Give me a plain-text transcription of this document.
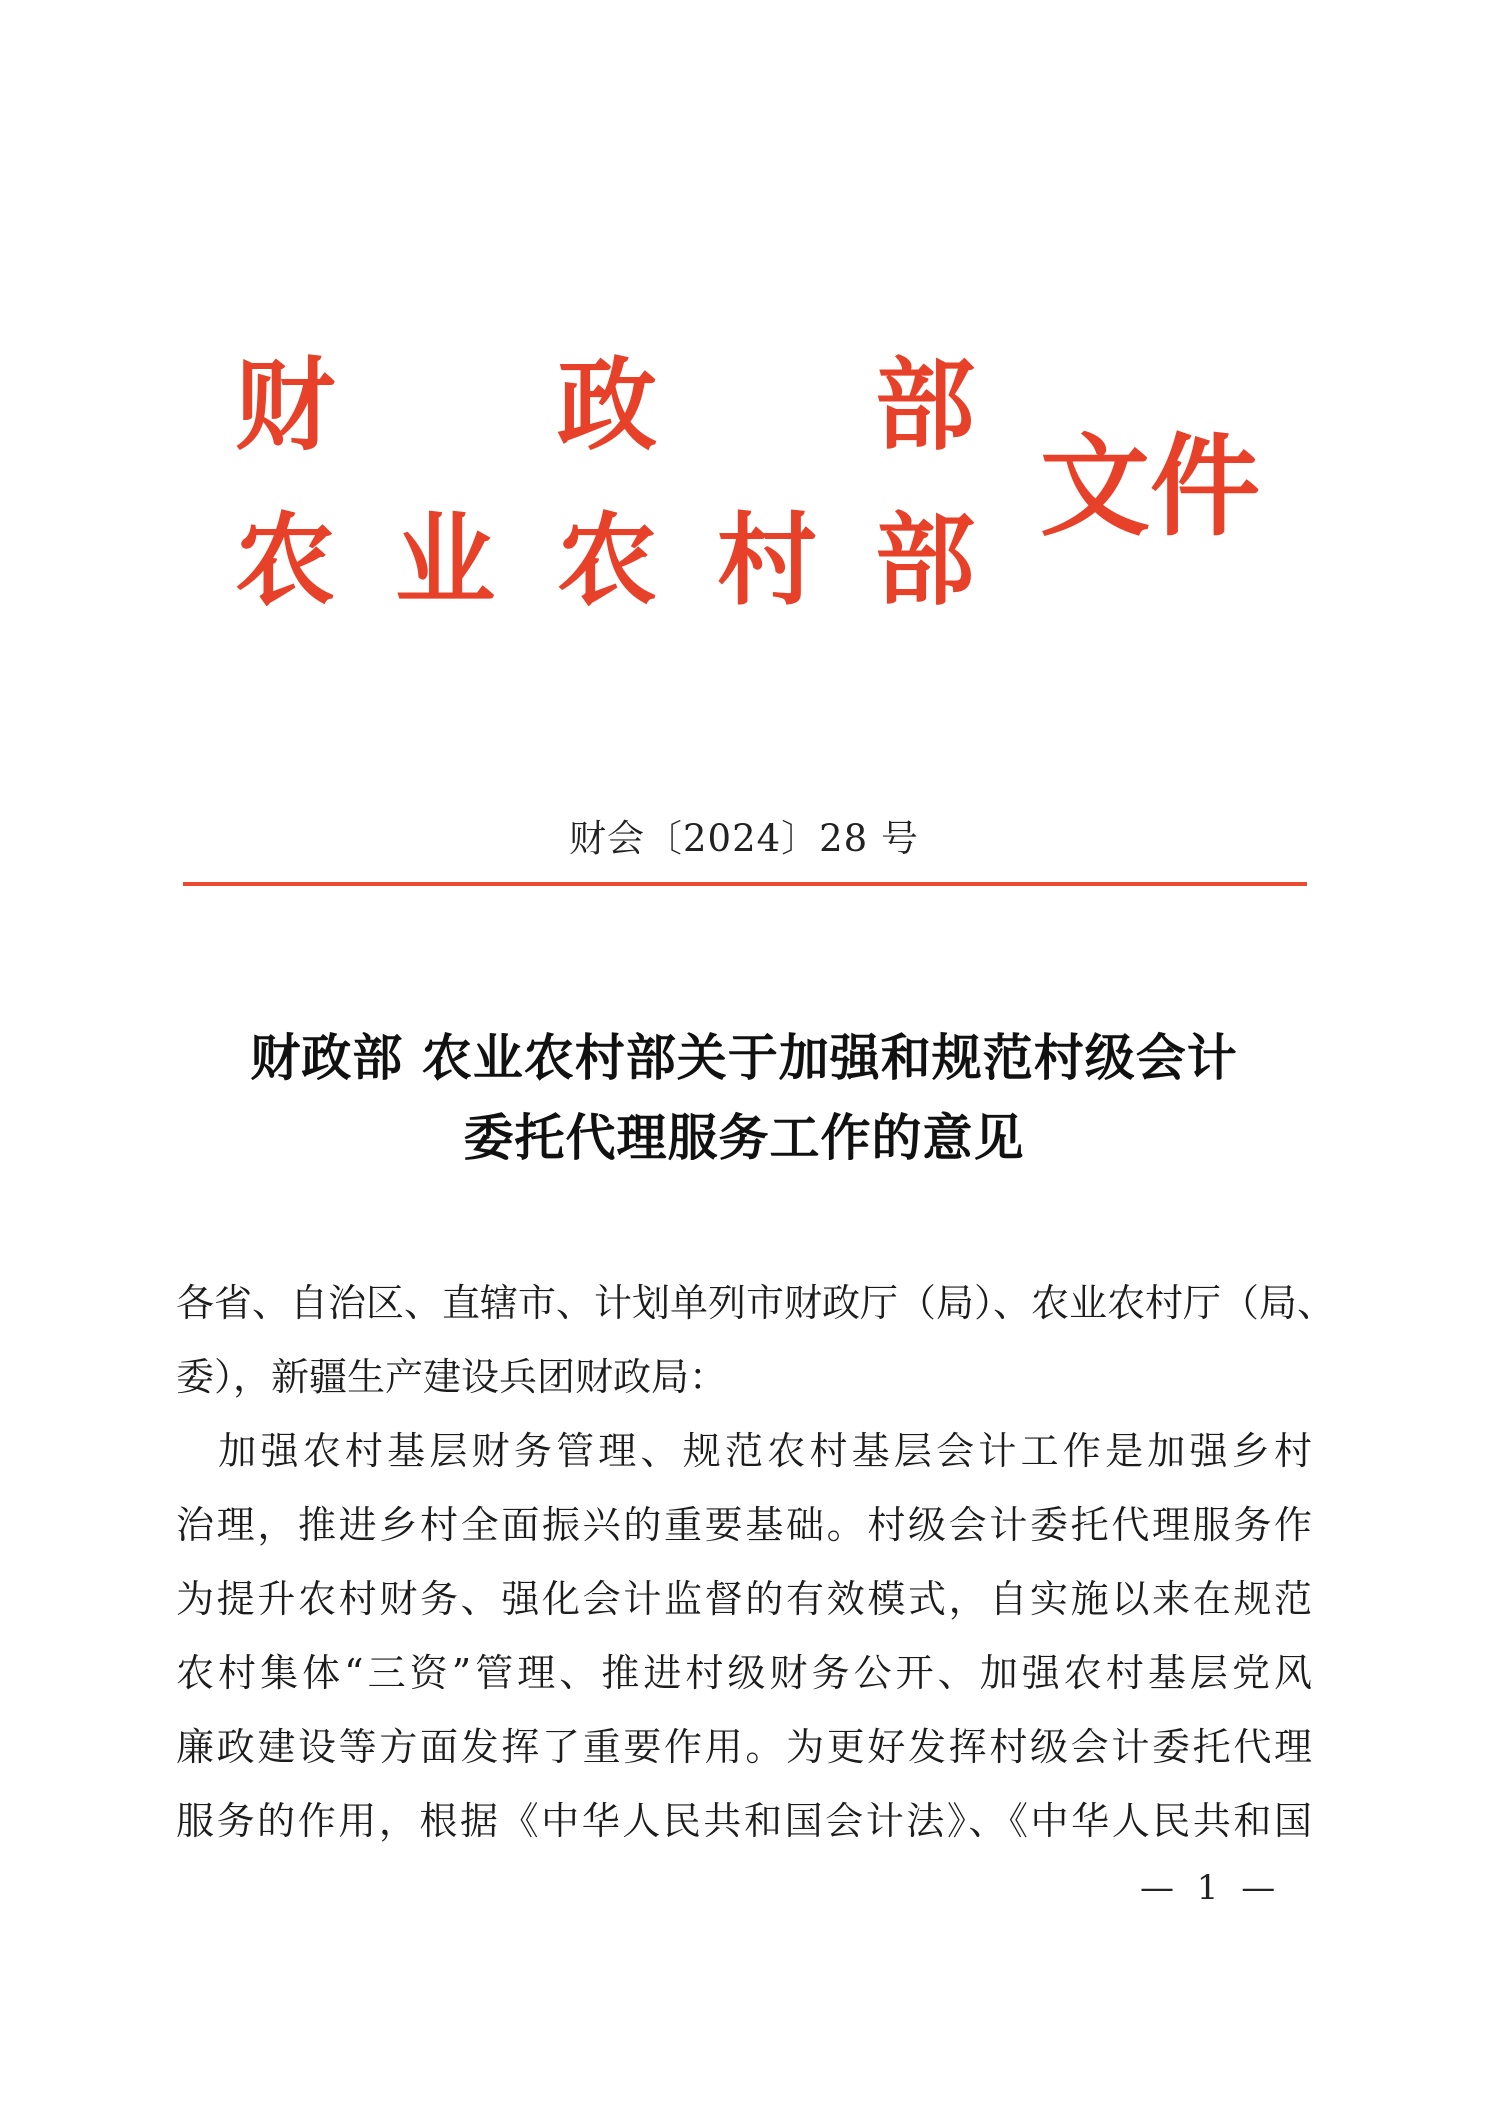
财 政 部
农 业 农 村 部
文件
财会〔2024〕28 号
财政部 农业农村部关于加强和规范村级会计
委托代理服务工作的意见
各省、自治区、直辖市、计划单列市财政厅（局）、农业农村厅（局、
委），新疆生产建设兵团财政局：
　加强农村基层财务管理、规范农村基层会计工作是加强乡村
治理，推进乡村全面振兴的重要基础。村级会计委托代理服务作
为提升农村财务、强化会计监督的有效模式，自实施以来在规范
农村集体“三资”管理、推进村级财务公开、加强农村基层党风
廉政建设等方面发挥了重要作用。为更好发挥村级会计委托代理
服务的作用，根据《中华人民共和国会计法》、《中华人民共和国
— 1 —
